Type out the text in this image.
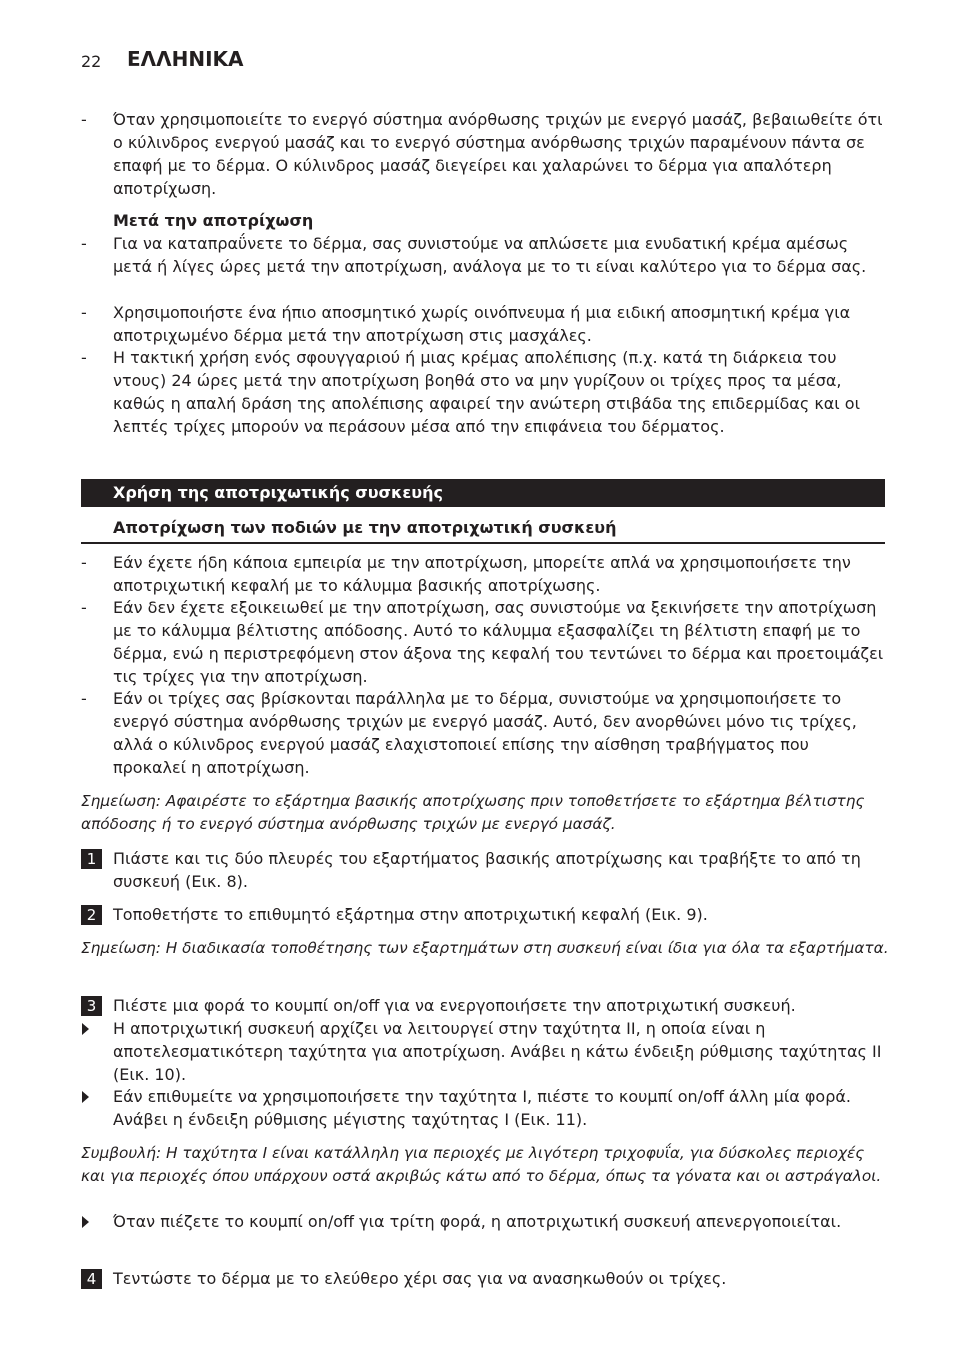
22 ΕΛΛΗΝΙΚΑ
-	Όταν χρησιμοποιείτε το ενεργό σύστημα ανόρθωσης τριχών με ενεργό μασάζ, βεβαιωθείτε ότι ο κύλινδρος ενεργού μασάζ και το ενεργό σύστημα ανόρθωσης τριχών παραμένουν πάντα σε επαφή με το δέρμα. Ο κύλινδρος μασάζ διεγείρει και χαλαρώνει το δέρμα για απαλότερη αποτρίχωση.
Μετά την αποτρίχωση
-	Για να καταπραΰνετε το δέρμα, σας συνιστούμε να απλώσετε μια ενυδατική κρέμα αμέσως μετά ή λίγες ώρες μετά την αποτρίχωση, ανάλογα με το τι είναι καλύτερο για το δέρμα σας.
-	Χρησιμοποιήστε ένα ήπιο αποσμητικό χωρίς οινόπνευμα ή μια ειδική αποσμητική κρέμα για αποτριχωμένο δέρμα μετά την αποτρίχωση στις μασχάλες.
-	Η τακτική χρήση ενός σφουγγαριού ή μιας κρέμας απολέπισης (π.χ. κατά τη διάρκεια του ντους) 24 ώρες μετά την αποτρίχωση βοηθά στο να μην γυρίζουν οι τρίχες προς τα μέσα, καθώς η απαλή δράση της απολέπισης αφαιρεί την ανώτερη στιβάδα της επιδερμίδας και οι λεπτές τρίχες μπορούν να περάσουν μέσα από την επιφάνεια του δέρματος.
Χρήση της αποτριχωτικής συσκευής
Αποτρίχωση των ποδιών με την αποτριχωτική συσκευή
-	Εάν έχετε ήδη κάποια εμπειρία με την αποτρίχωση, μπορείτε απλά να χρησιμοποιήσετε την αποτριχωτική κεφαλή με το κάλυμμα βασικής αποτρίχωσης.
-	Εάν δεν έχετε εξοικειωθεί με την αποτρίχωση, σας συνιστούμε να ξεκινήσετε την αποτρίχωση με το κάλυμμα βέλτιστης απόδοσης. Αυτό το κάλυμμα εξασφαλίζει τη βέλτιστη επαφή με το δέρμα, ενώ η περιστρεφόμενη στον άξονα της κεφαλή του τεντώνει το δέρμα και προετοιμάζει τις τρίχες για την αποτρίχωση.
-	Εάν οι τρίχες σας βρίσκονται παράλληλα με το δέρμα, συνιστούμε να χρησιμοποιήσετε το ενεργό σύστημα ανόρθωσης τριχών με ενεργό μασάζ. Αυτό, δεν ανορθώνει μόνο τις τρίχες, αλλά ο κύλινδρος ενεργού μασάζ ελαχιστοποιεί επίσης την αίσθηση τραβήγματος που προκαλεί η αποτρίχωση.
Σημείωση: Αφαιρέστε το εξάρτημα βασικής αποτρίχωσης πριν τοποθετήσετε το εξάρτημα βέλτιστης απόδοσης ή το ενεργό σύστημα ανόρθωσης τριχών με ενεργό μασάζ.
1	Πιάστε και τις δύο πλευρές του εξαρτήματος βασικής αποτρίχωσης και τραβήξτε το από τη συσκευή (Εικ. 8).
2	Τοποθετήστε το επιθυμητό εξάρτημα στην αποτριχωτική κεφαλή (Εικ. 9).
Σημείωση: Η διαδικασία τοποθέτησης των εξαρτημάτων στη συσκευή είναι ίδια για όλα τα εξαρτήματα.
3	Πιέστε μια φορά το κουμπί on/off για να ενεργοποιήσετε την αποτριχωτική συσκευή.
Η αποτριχωτική συσκευή αρχίζει να λειτουργεί στην ταχύτητα II, η οποία είναι η αποτελεσματικότερη ταχύτητα για αποτρίχωση. Ανάβει η κάτω ένδειξη ρύθμισης ταχύτητας II (Εικ. 10).
Εάν επιθυμείτε να χρησιμοποιήσετε την ταχύτητα I, πιέστε το κουμπί on/off άλλη μία φορά. Ανάβει η ένδειξη ρύθμισης μέγιστης ταχύτητας I (Εικ. 11).
Συμβουλή: Η ταχύτητα I είναι κατάλληλη για περιοχές με λιγότερη τριχοφυΐα, για δύσκολες περιοχές και για περιοχές όπου υπάρχουν οστά ακριβώς κάτω από το δέρμα, όπως τα γόνατα και οι αστράγαλοι.
Όταν πιέζετε το κουμπί on/off για τρίτη φορά, η αποτριχωτική συσκευή απενεργοποιείται.
4	Τεντώστε το δέρμα με το ελεύθερο χέρι σας για να ανασηκωθούν οι τρίχες.
